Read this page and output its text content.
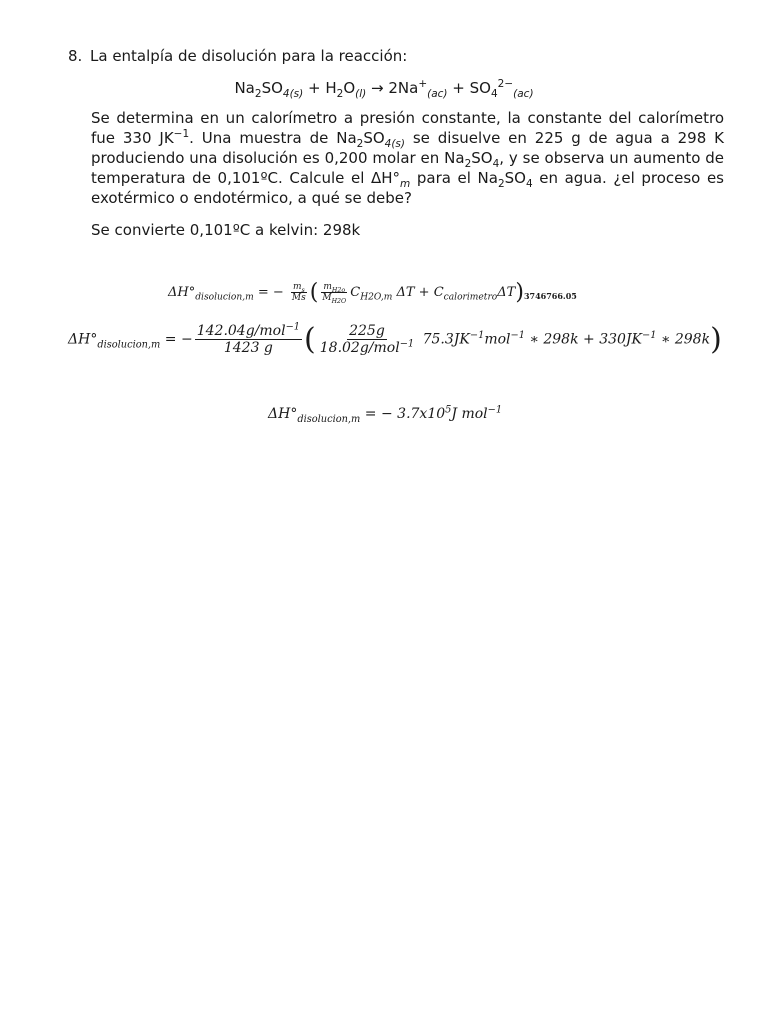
8. La entalpía de disolución para la reacción:
$Na_2SO_{4(s)} + H_2O_{(l)} \to 2Na^+_{(ac)} + SO_4^{2-}_{(ac)}$
Se determina en un calorímetro a presión constante, la constante del calorímetro
fue 330 $JK^{-1}$. Una muestra de $Na_2SO_{4(s)}$ se disuelve en 225 g de agua a 298 K
produciendo una disolución es 0,200 molar en $Na_2SO_4$, y se observa un aumento de
temperatura de 0,101ºC. Calcule el $\Delta H^\circ_m$ para el $Na_2SO_4$ en agua. ¿el proceso es
exotérmico o endotérmico, a qué se debe?
Se convierte 0,101ºC a kelvin: 298k
$\Delta H^\circ_{disolucion,m}$ = − $\frac{m_s}{Ms}$ ( $\frac{m_{H2o}}{M_{H2O}} C_{H2O,m}$ $\Delta T + C_{calorimetro}\Delta T)_{3746766.05}$
$\Delta H^\circ_{disolucion,m}$ = − $\frac{142.04g/mol^{-1}}{1423 g}$ ( $\frac{225g}{18.02g/mol^{-1}} 75.3JK^{-1}mol^{-1}$ ∗ $298k + 330JK^{-1}$ ∗ 298k)
$\Delta H^\circ_{disolucion,m}$ = − $3.7x10^5J$ mol$^{-1}$
